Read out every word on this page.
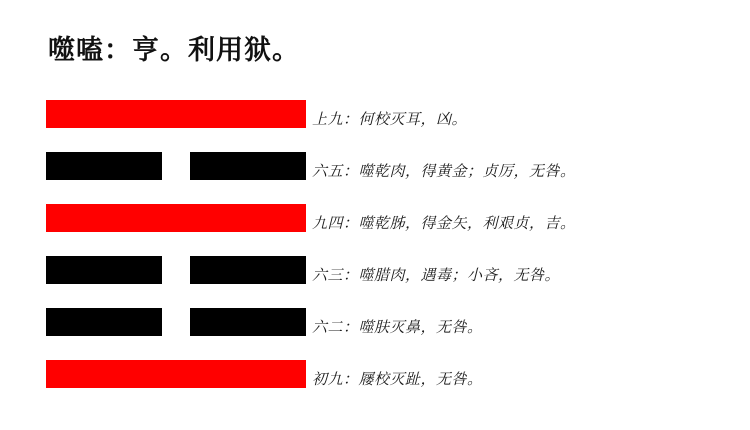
噬嗑：亨。利用狱。
上九：何校灭耳，凶。
六五：噬乾肉，得黄金；贞厉，无咎。
九四：噬乾胏，得金矢，利艰贞，吉。
六三：噬腊肉，遇毒；小吝，无咎。
六二：噬肤灭鼻，无咎。
初九：屦校灭趾，无咎。
